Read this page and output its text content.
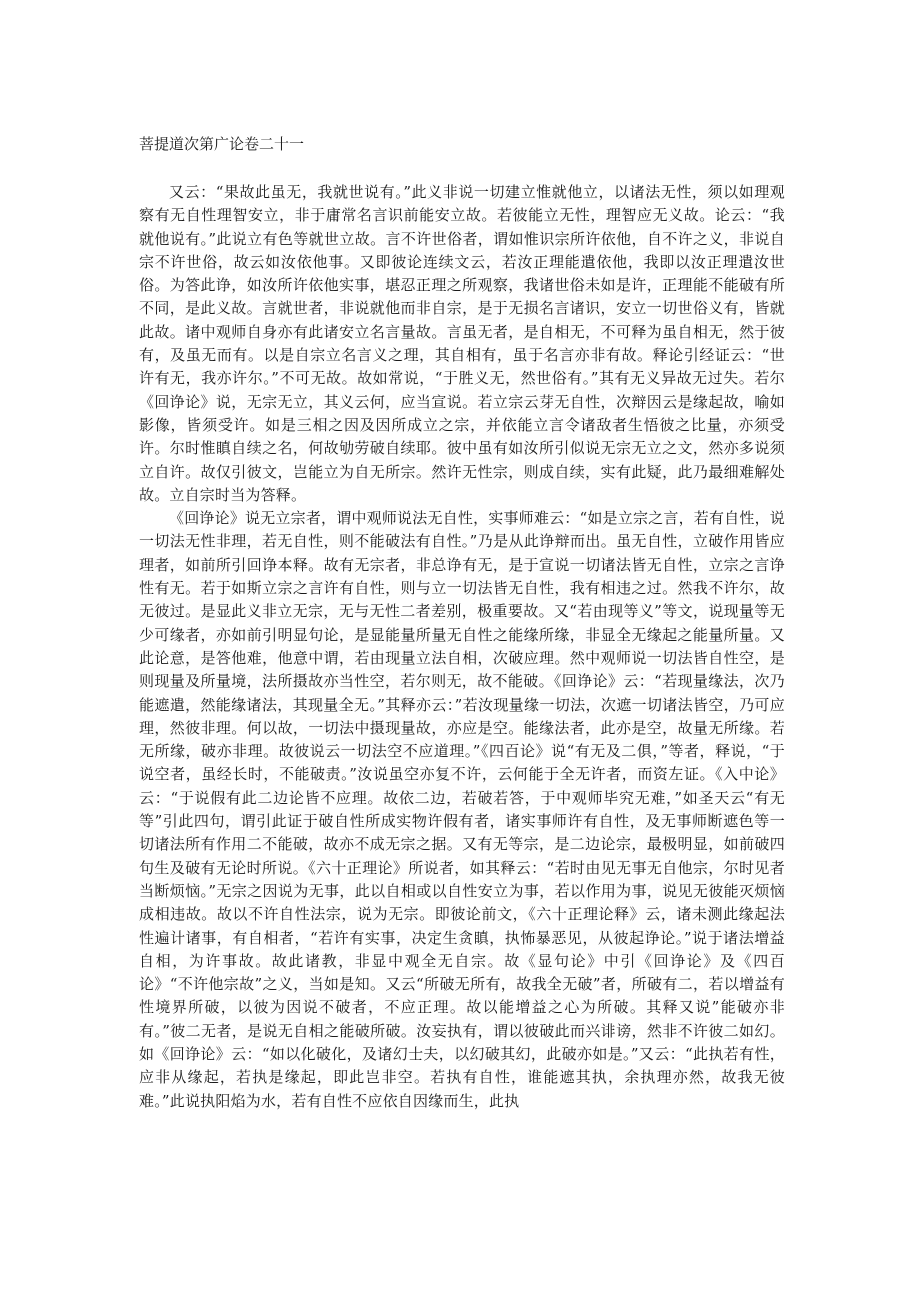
菩提道次第广论卷二十一

又云：“果故此虽无，我就世说有。”此义非说一切建立惟就他立，以诸法无性，须以如理观察有无自性理智安立，非于庸常名言识前能安立故。若彼能立无性，理智应无义故。论云：“我就他说有。”此说立有色等就世立故。言不许世俗者，谓如惟识宗所许依他，自不许之义，非说自宗不许世俗，故云如汝依他事。又即彼论连续文云，若汝正理能遣依他，我即以汝正理遣汝世俗。为答此诤，如汝所许依他实事，堪忍正理之所观察，我诸世俗未如是许，正理能不能破有所不同，是此义故。言就世者，非说就他而非自宗，是于无损名言诸识，安立一切世俗义有，皆就此故。诸中观师自身亦有此诸安立名言量故。言虽无者，是自相无，不可释为虽自相无，然于彼有，及虽无而有。以是自宗立名言义之理，其自相有，虽于名言亦非有故。释论引经证云：“世许有无，我亦许尔。”不可无故。故如常说，“于胜义无，然世俗有。”其有无义异故无过失。若尔《回诤论》说，无宗无立，其义云何，应当宣说。若立宗云芽无自性，次辩因云是缘起故，喻如影像，皆须受许。如是三相之因及因所成立之宗，并依能立言令诸敌者生悟彼之比量，亦须受许。尔时惟瞋自续之名，何故劬劳破自续耶。彼中虽有如汝所引似说无宗无立之文，然亦多说须立自许。故仅引彼文，岂能立为自无所宗。然许无性宗，则成自续，实有此疑，此乃最细难解处故。立自宗时当为答释。

《回诤论》说无立宗者，谓中观师说法无自性，实事师难云：“如是立宗之言，若有自性，说一切法无性非理，若无自性，则不能破法有自性。”乃是从此诤辩而出。虽无自性，立破作用皆应理者，如前所引回诤本释。故有无宗者，非总诤有无，是于宣说一切诸法皆无自性，立宗之言诤性有无。若于如斯立宗之言许有自性，则与立一切法皆无自性，我有相违之过。然我不许尔，故无彼过。是显此义非立无宗，无与无性二者差别，极重要故。又“若由现等义”等文，说现量等无少可缘者，亦如前引明显句论，是显能量所量无自性之能缘所缘，非显全无缘起之能量所量。又此论意，是答他难，他意中谓，若由现量立法自相，次破应理。然中观师说一切法皆自性空，是则现量及所量境，法所摄故亦当性空，若尔则无，故不能破。《回诤论》云：“若现量缘法，次乃能遮遣，然能缘诸法，其现量全无。”其释亦云：”若汝现量缘一切法，次遮一切诸法皆空，乃可应理，然彼非理。何以故，一切法中摄现量故，亦应是空。能缘法者，此亦是空，故量无所缘。若无所缘，破亦非理。故彼说云一切法空不应道理。”《四百论》说“有无及二俱，”等者，释说，“于说空者，虽经长时，不能破责。”汝说虽空亦复不许，云何能于全无许者，而资左证。《入中论》云：“于说假有此二边论皆不应理。故依二边，若破若答，于中观师毕究无难，”如圣天云“有无等”引此四句，谓引此证于破自性所成实物许假有者，诸实事师许有自性，及无事师断遮色等一切诸法所有作用二不能破，故亦不成无宗之据。又有无等宗，是二边论宗，最极明显，如前破四句生及破有无论时所说。《六十正理论》所说者，如其释云：“若时由见无事无自他宗，尔时见者当断烦恼。”无宗之因说为无事，此以自相或以自性安立为事，若以作用为事，说见无彼能灭烦恼成相违故。故以不许自性法宗，说为无宗。即彼论前文，《六十正理论释》云，诸未测此缘起法性遍计诸事，有自相者，“若许有实事，决定生贪瞋，执怖暴恶见，从彼起诤论。”说于诸法增益自相，为许事故。故此诸教，非显中观全无自宗。故《显句论》中引《回诤论》及《四百论》“不许他宗故”之义，当如是知。又云“所破无所有，故我全无破”者，所破有二，若以增益有性境界所破，以彼为因说不破者，不应正理。故以能增益之心为所破。其释又说”能破亦非有。”彼二无者，是说无自相之能破所破。汝妄执有，谓以彼破此而兴诽谤，然非不许彼二如幻。如《回诤论》云：“如以化破化，及诸幻士夫，以幻破其幻，此破亦如是。”又云：“此执若有性，应非从缘起，若执是缘起，即此岂非空。若执有自性，谁能遮其执，余执理亦然，故我无彼难。”此说执阳焰为水，若有自性不应依自因缘而生，此执
